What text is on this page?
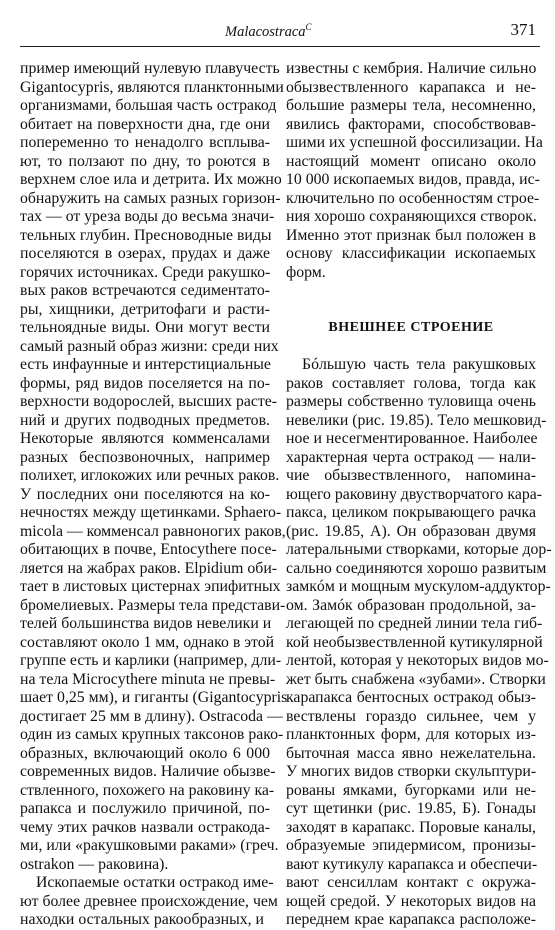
Malacostraca$^C$	371
пример имеющий нулевую плавучесть
Gigantocypris, являются планктонными
организмами, большая часть остракод
обитает на поверхности дна, где они
попеременно то ненадолго всплыва-
ют, то ползают по дну, то роются в
верхнем слое ила и детрита. Их можно
обнаружить на самых разных горизон-
тах — от уреза воды до весьма значи-
тельных глубин. Пресноводные виды
поселяются в озерах, прудах и даже
горячих источниках. Среди ракушко-
вых раков встречаются седиментато-
ры, хищники, детритофаги и расти-
тельноядные виды. Они могут вести
самый разный образ жизни: среди них
есть инфаунные и интерстициальные
формы, ряд видов поселяется на по-
верхности водорослей, высших расте-
ний и других подводных предметов.
Некоторые являются комменсалами
разных беспозвоночных, например
полихет, иглокожих или речных раков.
У последних они поселяются на ко-
нечностях между щетинками. Sphaero-
micola — комменсал равноногих раков,
обитающих в почве, Entocythere посе-
ляется на жабрах раков. Elpidium оби-
тает в листовых цистернах эпифитных
бромелиевых. Размеры тела представи-
телей большинства видов невелики и
составляют около 1 мм, однако в этой
группе есть и карлики (например, дли-
на тела Microcythere minuta не превы-
шает 0,25 мм), и гиганты (Gigantocypris
достигает 25 мм в длину). Ostracoda —
один из самых крупных таксонов рако-
образных, включающий около 6 000
современных видов. Наличие обызве-
ствленного, похожего на раковину ка-
рапакса и послужило причиной, по-
чему этих рачков назвали остракода-
ми, или «ракушковыми раками» (греч.
ostrakon — раковина).
Ископаемые остатки остракод име-
ют более древнее происхождение, чем
находки остальных ракообразных, и
известны с кембрия. Наличие сильно
обызвествленного карапакса и не-
большие размеры тела, несомненно,
явились факторами, способствовав-
шими их успешной фоссилизации. На
настоящий момент описано около
10 000 ископаемых видов, правда, ис-
ключительно по особенностям строе-
ния хорошо сохраняющихся створок.
Именно этот признак был положен в
основу классификации ископаемых
форм.
ВНЕШНЕЕ СТРОЕНИЕ
Бóльшую часть тела ракушковых
раков составляет голова, тогда как
размеры собственно туловища очень
невелики (рис. 19.85). Тело мешковид-
ное и несегментированное. Наиболее
характерная черта остракод — нали-
чие обызвествленного, напомина-
ющего раковину двустворчатого карa-
пакса, целиком покрывающего рачка
(рис. 19.85, А). Он образован двумя
латеральными створками, которые дор-
сально соединяются хорошо развитым
замкóм и мощным мускулом-аддуктор-
ом. Замóк образован продольной, за-
легающей по средней линии тела гиб-
кой необызвествленной кутикулярной
лентой, которая у некоторых видов мо-
жет быть снабжена «зубами». Створки
карапакса бентосных остракод обыз-
вествлены гораздо сильнее, чем у
планктонных форм, для которых из-
быточная масса явно нежелательна.
У многих видов створки скульптури-
рованы ямками, бугорками или не-
сут щетинки (рис. 19.85, Б). Гонады
заходят в карапакс. Поровые каналы,
образуемые эпидермисом, пронизы-
вают кутикулу карапакса и обеспечи-
вают сенсиллам контакт с окружа-
ющей средой. У некоторых видов на
переднем крае карапакса расположе-
